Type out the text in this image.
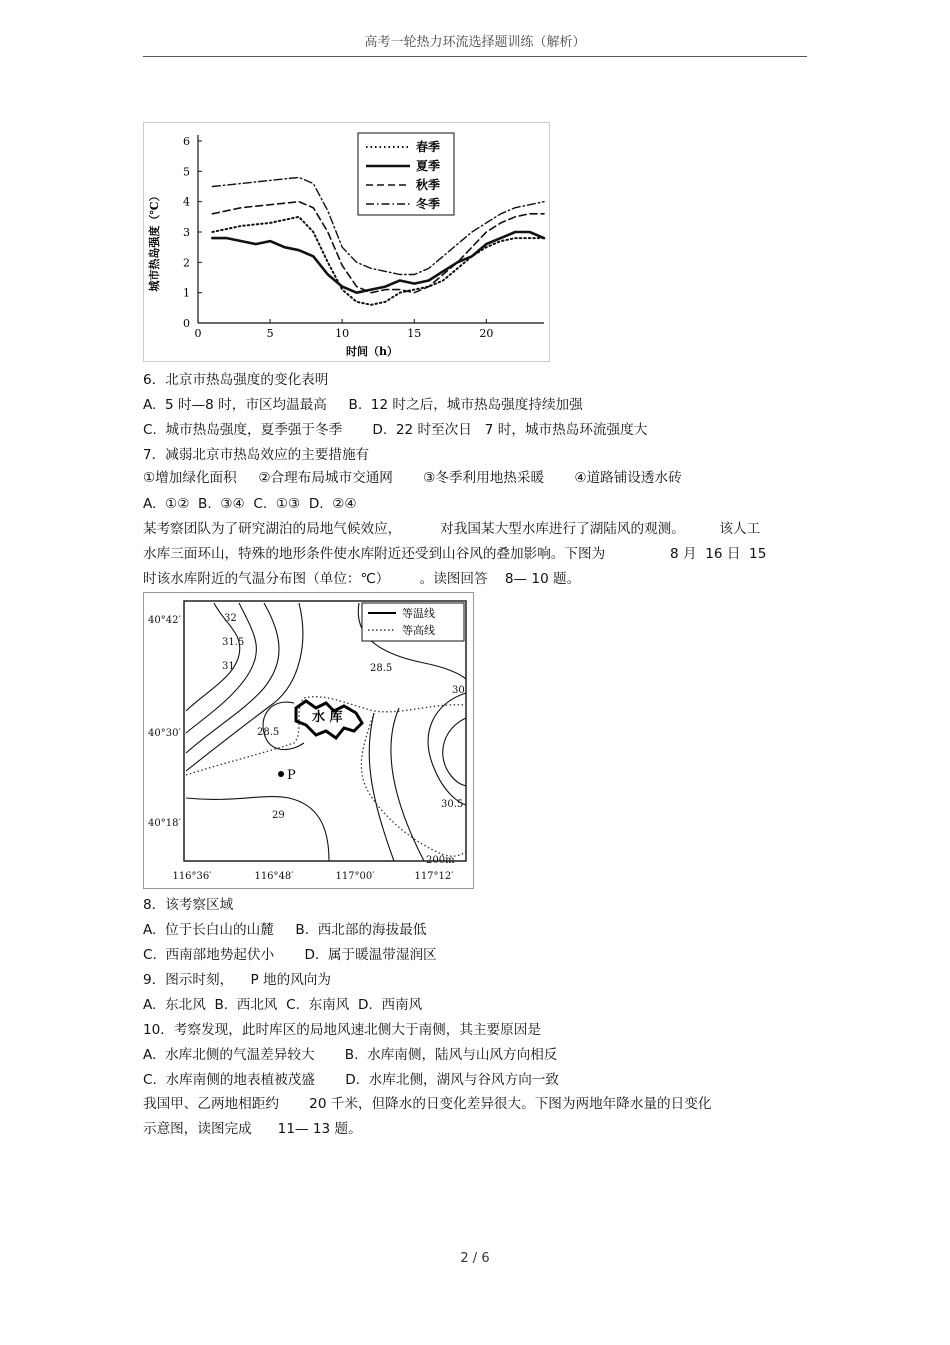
高考一轮热力环流选择题训练（解析）
0
1
2
3
4
5
6
0	5	10	15	20
春季
夏季
秋季
冬季
城市热岛强度（℃）
时间（h）
水 库
P
32
31.5
31	28.5
28.5
29
30
30.5
200m
40°42′
40°30′
40°18′
116°36′	116°48′	117°00′	117°12′
等温线
等高线
6．北京市热岛强度的变化表明
A.  5 时—8 时，市区均温最高     B.  12 时之后，城市热岛强度持续加强
C.  城市热岛强度，夏季强于冬季       D.  22 时至次日   7 时，城市热岛环流强度大
7．减弱北京市热岛效应的主要措施有
①增加绿化面积     ②合理布局城市交通网       ③冬季利用地热采暖       ④道路铺设透水砖
A.  ①②  B.  ③④  C.  ①③  D.  ②④
某考察团队为了研究湖泊的局地气候效应，         对我国某大型水库进行了湖陆风的观测。        该人工
水库三面环山，特殊的地形条件使水库附近还受到山谷风的叠加影响。下图为               8 月  16 日  15
时该水库附近的气温分布图（单位：℃）       。读图回答    8— 10 题。
8．该考察区域
A.  位于长白山的山麓     B.  西北部的海拔最低
C.  西南部地势起伏小       D.  属于暖温带湿润区
9．图示时刻，    P 地的风向为
A.  东北风  B.  西北风  C.  东南风  D.  西南风
10．考察发现，此时库区的局地风速北侧大于南侧，其主要原因是
A.  水库北侧的气温差异较大       B.  水库南侧，陆风与山风方向相反
C.  水库南侧的地表植被茂盛       D.  水库北侧，湖风与谷风方向一致
我国甲、乙两地相距约       20 千米，但降水的日变化差异很大。下图为两地年降水量的日变化
示意图，读图完成      11— 13 题。
2 / 6
